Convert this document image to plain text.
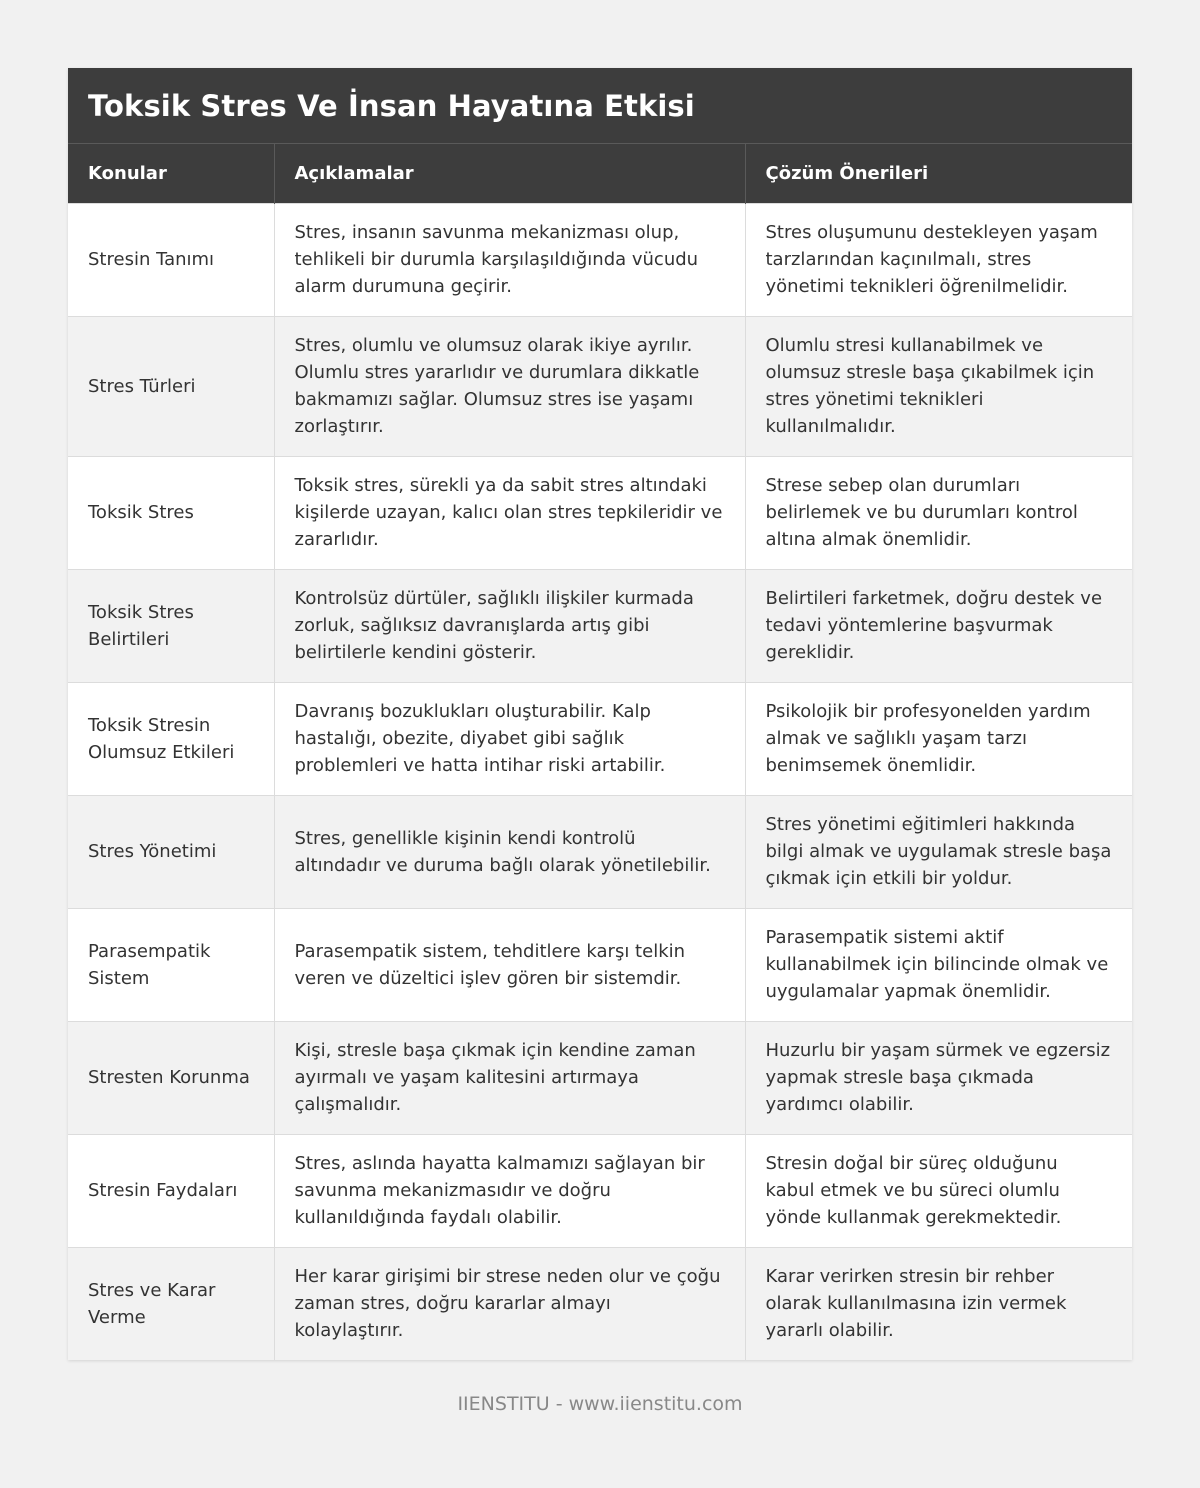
Toksik Stres Ve İnsan Hayatına Etkisi
Konular	Açıklamalar	Çözüm Önerileri
Stresin Tanımı	Stres, insanın savunma mekanizması olup, tehlikeli bir durumla karşılaşıldığında vücudu alarm durumuna geçirir.	Stres oluşumunu destekleyen yaşam tarzlarından kaçınılmalı, stres yönetimi teknikleri öğrenilmelidir.
Stres Türleri	Stres, olumlu ve olumsuz olarak ikiye ayrılır. Olumlu stres yararlıdır ve durumlara dikkatle bakmamızı sağlar. Olumsuz stres ise yaşamı zorlaştırır.	Olumlu stresi kullanabilmek ve olumsuz stresle başa çıkabilmek için stres yönetimi teknikleri kullanılmalıdır.
Toksik Stres	Toksik stres, sürekli ya da sabit stres altındaki kişilerde uzayan, kalıcı olan stres tepkileridir ve zararlıdır.	Strese sebep olan durumları belirlemek ve bu durumları kontrol altına almak önemlidir.
Toksik Stres Belirtileri	Kontrolsüz dürtüler, sağlıklı ilişkiler kurmada zorluk, sağlıksız davranışlarda artış gibi belirtilerle kendini gösterir.	Belirtileri farketmek, doğru destek ve tedavi yöntemlerine başvurmak gereklidir.
Toksik Stresin Olumsuz Etkileri	Davranış bozuklukları oluşturabilir. Kalp hastalığı, obezite, diyabet gibi sağlık problemleri ve hatta intihar riski artabilir.	Psikolojik bir profesyonelden yardım almak ve sağlıklı yaşam tarzı benimsemek önemlidir.
Stres Yönetimi	Stres, genellikle kişinin kendi kontrolü altındadır ve duruma bağlı olarak yönetilebilir.	Stres yönetimi eğitimleri hakkında bilgi almak ve uygulamak stresle başa çıkmak için etkili bir yoldur.
Parasempatik Sistem	Parasempatik sistem, tehditlere karşı telkin veren ve düzeltici işlev gören bir sistemdir.	Parasempatik sistemi aktif kullanabilmek için bilincinde olmak ve uygulamalar yapmak önemlidir.
Stresten Korunma	Kişi, stresle başa çıkmak için kendine zaman ayırmalı ve yaşam kalitesini artırmaya çalışmalıdır.	Huzurlu bir yaşam sürmek ve egzersiz yapmak stresle başa çıkmada yardımcı olabilir.
Stresin Faydaları	Stres, aslında hayatta kalmamızı sağlayan bir savunma mekanizmasıdır ve doğru kullanıldığında faydalı olabilir.	Stresin doğal bir süreç olduğunu kabul etmek ve bu süreci olumlu yönde kullanmak gerekmektedir.
Stres ve Karar Verme	Her karar girişimi bir strese neden olur ve çoğu zaman stres, doğru kararlar almayı kolaylaştırır.	Karar verirken stresin bir rehber olarak kullanılmasına izin vermek yararlı olabilir.
IIENSTITU - www.iienstitu.com
